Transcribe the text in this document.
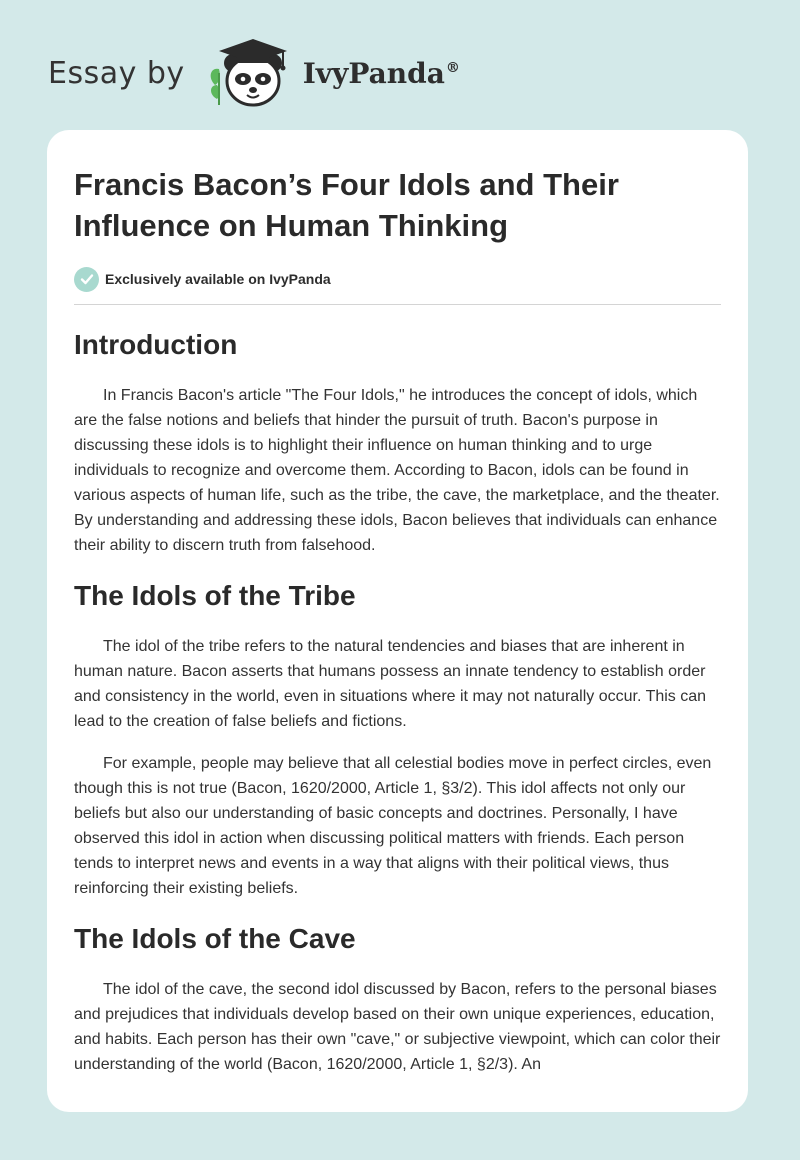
Essay by	IvyPanda®
Francis Bacon’s Four Idols and Their Influence on Human Thinking
Exclusively available on IvyPanda
Introduction

In Francis Bacon's article "The Four Idols," he introduces the concept of idols, which are the false notions and beliefs that hinder the pursuit of truth. Bacon's purpose in discussing these idols is to highlight their influence on human thinking and to urge individuals to recognize and overcome them. According to Bacon, idols can be found in various aspects of human life, such as the tribe, the cave, the marketplace, and the theater. By understanding and addressing these idols, Bacon believes that individuals can enhance their ability to discern truth from falsehood.

The Idols of the Tribe

The idol of the tribe refers to the natural tendencies and biases that are inherent in human nature. Bacon asserts that humans possess an innate tendency to establish order and consistency in the world, even in situations where it may not naturally occur. This can lead to the creation of false beliefs and fictions.

For example, people may believe that all celestial bodies move in perfect circles, even though this is not true (Bacon, 1620/2000, Article 1, §3/2). This idol affects not only our beliefs but also our understanding of basic concepts and doctrines. Personally, I have observed this idol in action when discussing political matters with friends. Each person tends to interpret news and events in a way that aligns with their political views, thus reinforcing their existing beliefs.

The Idols of the Cave

The idol of the cave, the second idol discussed by Bacon, refers to the personal biases and prejudices that individuals develop based on their own unique experiences, education, and habits. Each person has their own "cave," or subjective viewpoint, which can color their understanding of the world (Bacon, 1620/2000, Article 1, §2/3). An
